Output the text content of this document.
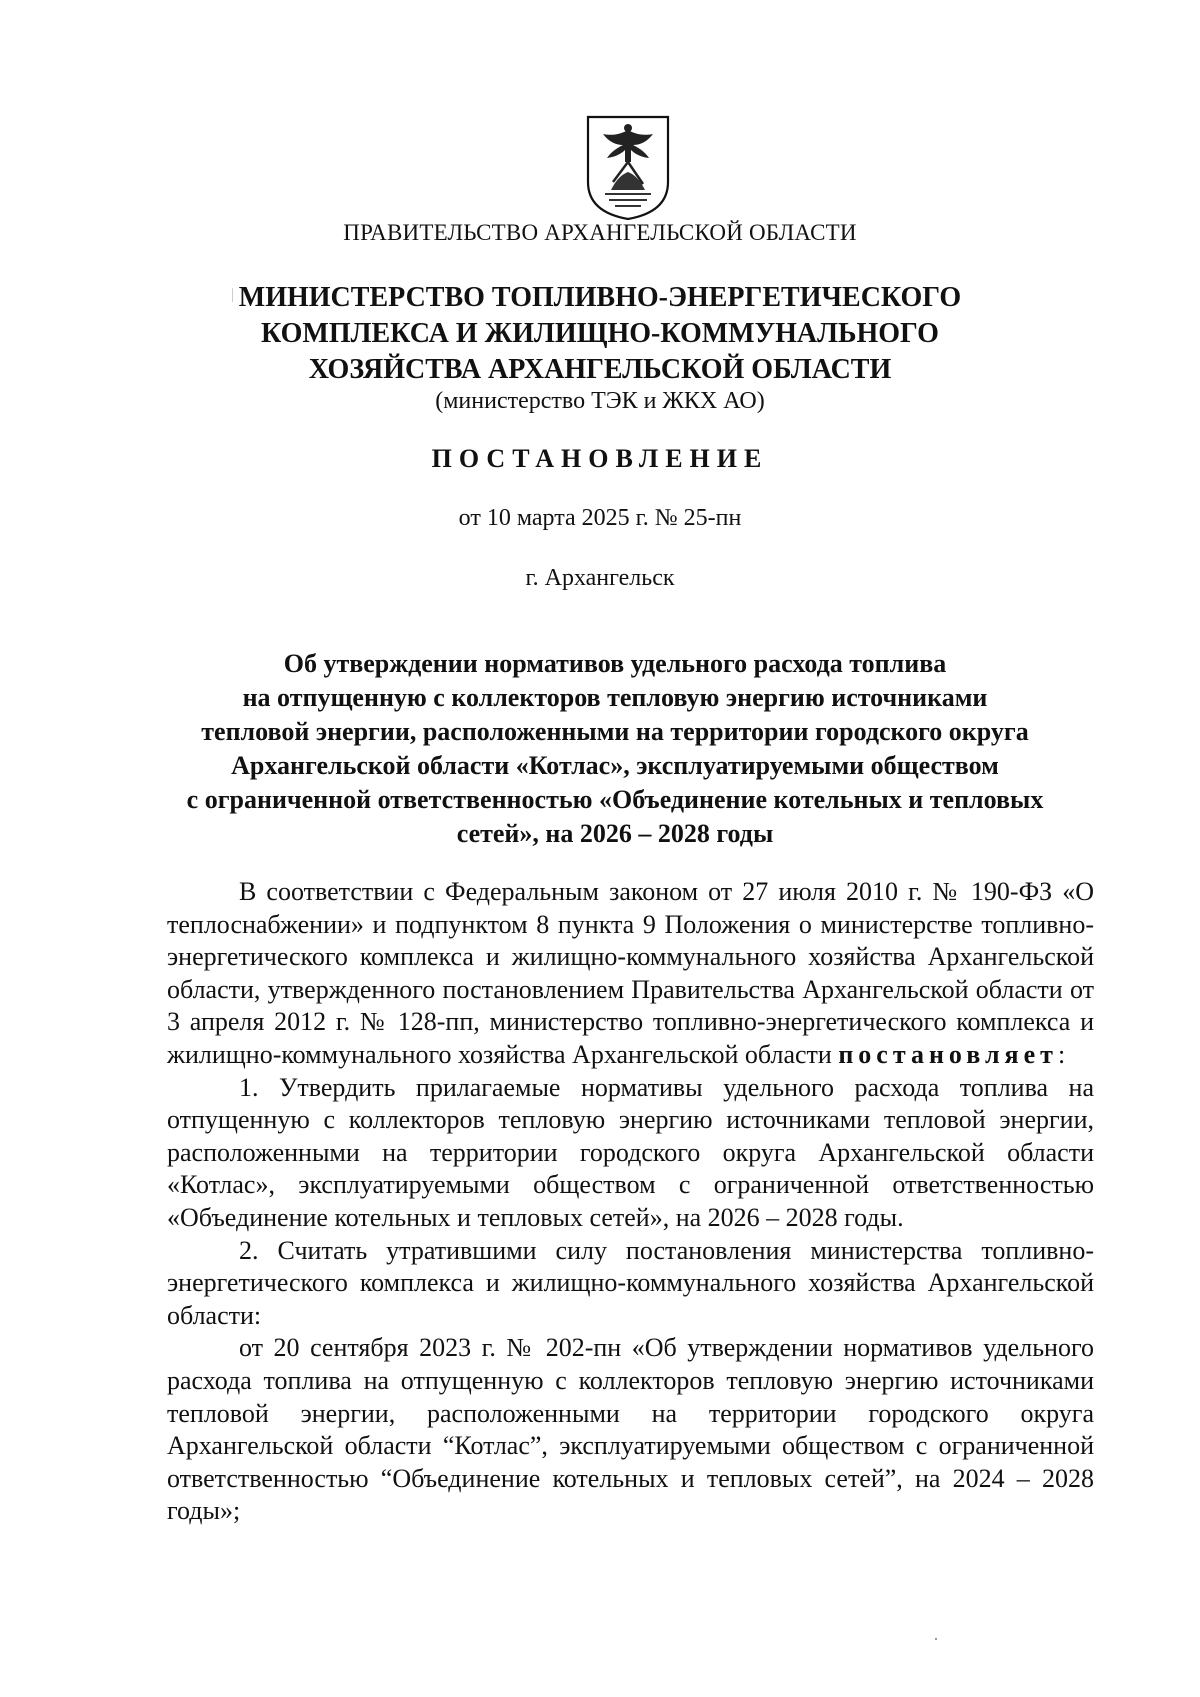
ПРАВИТЕЛЬСТВО АРХАНГЕЛЬСКОЙ ОБЛАСТИ
МИНИСТЕРСТВО ТОПЛИВНО-ЭНЕРГЕТИЧЕСКОГО
КОМПЛЕКСА И ЖИЛИЩНО-КОММУНАЛЬНОГО
ХОЗЯЙСТВА АРХАНГЕЛЬСКОЙ ОБЛАСТИ
(министерство ТЭК и ЖКХ АО)
ПОСТАНОВЛЕНИЕ
от 10 марта 2025 г. № 25-пн
г. Архангельск
Об утверждении нормативов удельного расхода топлива
на отпущенную с коллекторов тепловую энергию источниками
тепловой энергии, расположенными на территории городского округа
Архангельской области «Котлас», эксплуатируемыми обществом
с ограниченной ответственностью «Объединение котельных и тепловых
сетей», на 2026 – 2028 годы

В соответствии с Федеральным законом от 27 июля 2010 г. № 190-ФЗ «О теплоснабжении» и подпунктом 8 пункта 9 Положения о министерстве топливно-энергетического комплекса и жилищно-коммунального хозяйства Архангельской области, утвержденного постановлением Правительства Архангельской области от 3 апреля 2012 г. № 128-пп, министерство топливно-энергетического комплекса и жилищно-коммунального хозяйства Архангельской области постановляет:

1. Утвердить прилагаемые нормативы удельного расхода топлива на отпущенную с коллекторов тепловую энергию источниками тепловой энергии, расположенными на территории городского округа Архангельской области «Котлас», эксплуатируемыми обществом с ограниченной ответственностью «Объединение котельных и тепловых сетей», на 2026 – 2028 годы.

2. Считать утратившими силу постановления министерства топливно-энергетического комплекса и жилищно-коммунального хозяйства Архангельской области:

от 20 сентября 2023 г. № 202-пн «Об утверждении нормативов удельного расхода топлива на отпущенную с коллекторов тепловую энергию источниками тепловой энергии, расположенными на территории городского округа Архангельской области “Котлас”, эксплуатируемыми обществом с ограниченной ответственностью “Объединение котельных и тепловых сетей”, на 2024 – 2028 годы»;
